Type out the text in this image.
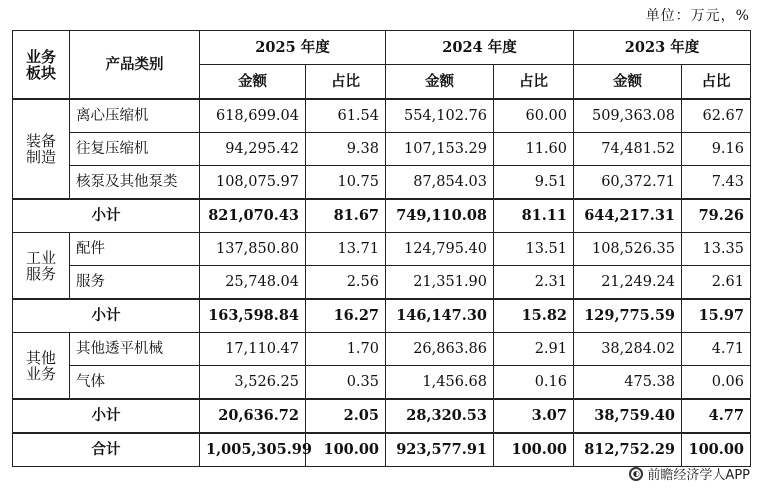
单位：万元，%
业务板块	产品类别	2025 年度		2024 年度		2023 年度	
		金额	占比	金额	占比	金额	占比

装备
制造	离心压缩机	618,699.04	61.54	554,102.76	60.00	509,363.08	62.67
	往复压缩机	94,295.42	9.38	107,153.29	11.60	74,481.52	9.16
	核泵及其他泵类	108,075.97	10.75	87,854.03	9.51	60,372.71	7.43
小计		821,070.43	81.67	749,110.08	81.11	644,217.31	79.26

工业
服务	配件	137,850.80	13.71	124,795.40	13.51	108,526.35	13.35
	服务	25,748.04	2.56	21,351.90	2.31	21,249.24	2.61
小计		163,598.84	16.27	146,147.30	15.82	129,775.59	15.97

其他
业务	其他透平机械	17,110.47	1.70	26,863.86	2.91	38,284.02	4.71
	气体	3,526.25	0.35	1,456.68	0.16	475.38	0.06
小计		20,636.72	2.05	28,320.53	3.07	38,759.40	4.77
合计		1,005,305.99	100.00	923,577.91	100.00	812,752.29	100.00
◐ 前瞻经济学人APP
